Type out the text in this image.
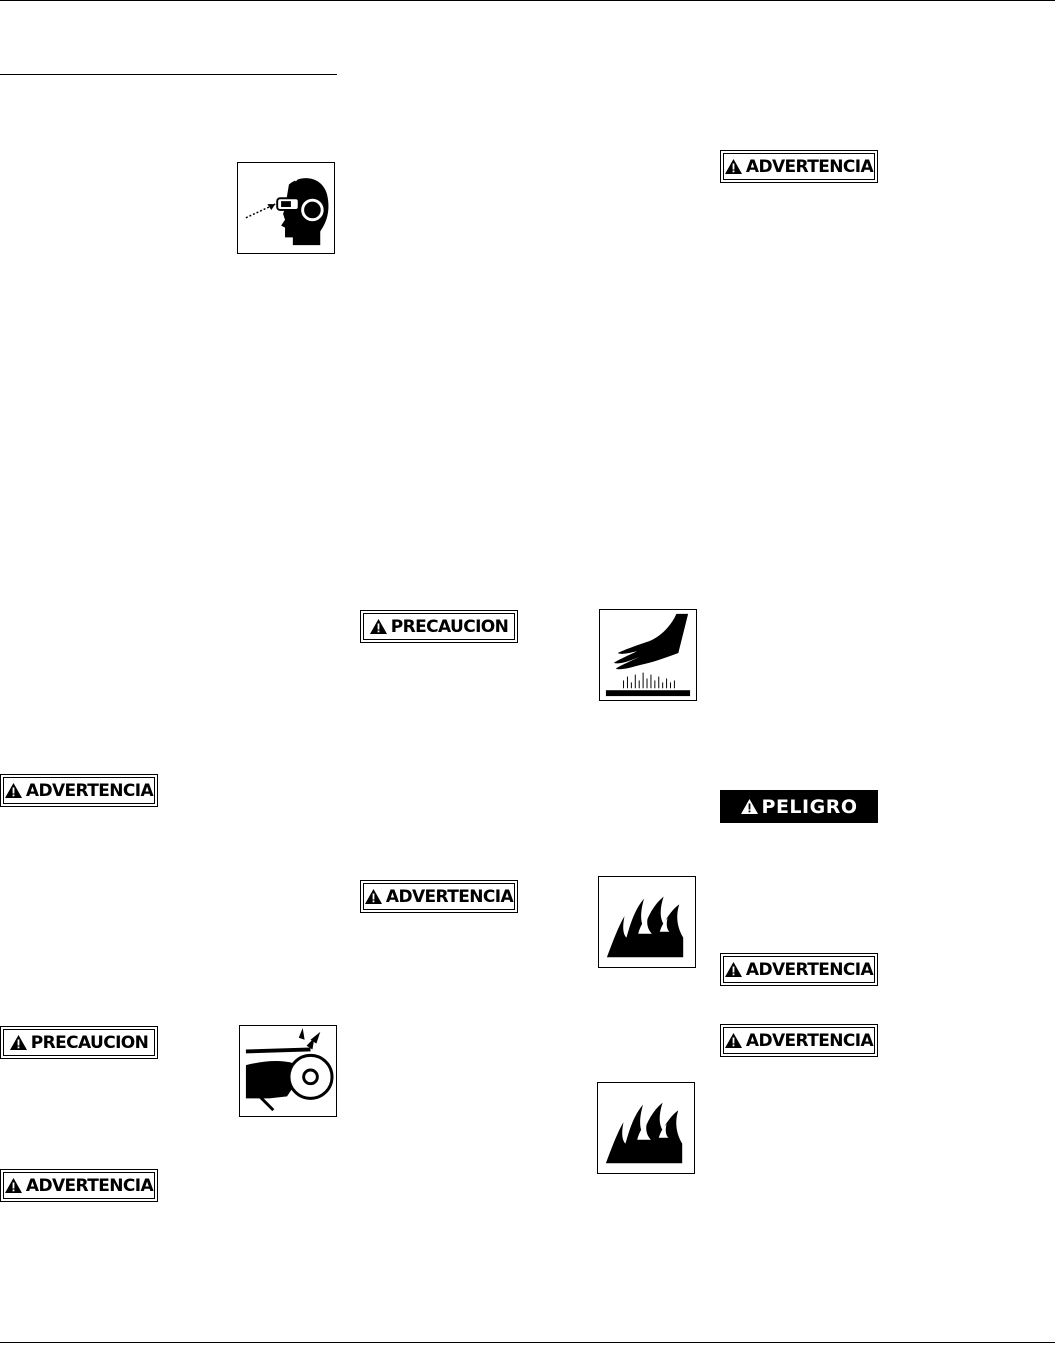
ADVERTENCIA
PRECAUCION
ADVERTENCIA
PRECAUCION
ADVERTENCIA
ADVERTENCIA
PELIGRO
ADVERTENCIA
ADVERTENCIA
